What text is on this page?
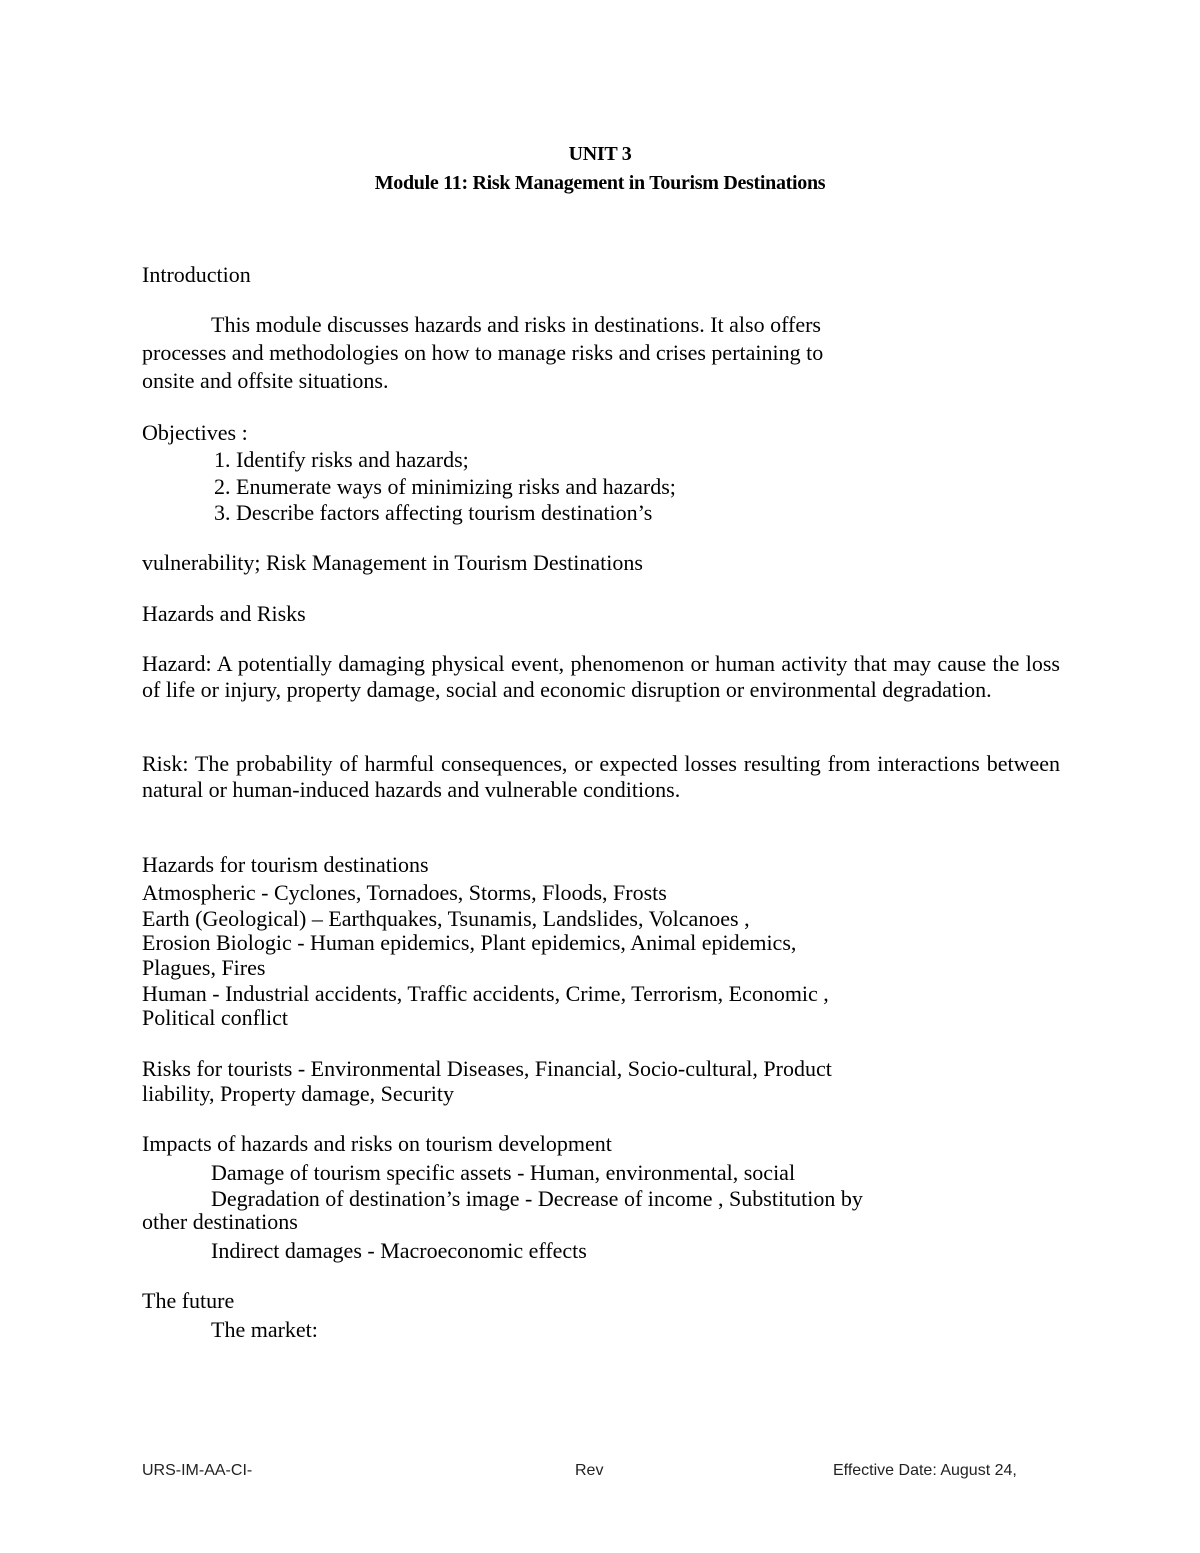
UNIT 3
Module 11: Risk Management in Tourism Destinations
Introduction
This module discusses hazards and risks in destinations. It also offers
processes and methodologies on how to manage risks and crises pertaining to
onsite and offsite situations.
Objectives :
1. Identify risks and hazards;
2. Enumerate ways of minimizing risks and hazards;
3. Describe factors affecting tourism destination’s
vulnerability; Risk Management in Tourism Destinations
Hazards and Risks
Hazard: A potentially damaging physical event, phenomenon or human activity that may cause the loss of life or injury, property damage, social and economic disruption or environmental degradation.
Risk: The probability of harmful consequences, or expected losses resulting from interactions between natural or human-induced hazards and vulnerable conditions.
Hazards for tourism destinations
Atmospheric - Cyclones, Tornadoes, Storms, Floods, Frosts
Earth (Geological) – Earthquakes, Tsunamis, Landslides, Volcanoes ,
Erosion Biologic - Human epidemics, Plant epidemics, Animal epidemics,
Plagues, Fires
Human - Industrial accidents, Traffic accidents, Crime, Terrorism, Economic ,
Political conflict
Risks for tourists - Environmental Diseases, Financial, Socio-cultural, Product
liability, Property damage, Security
Impacts of hazards and risks on tourism development
Damage of tourism specific assets - Human, environmental, social
Degradation of destination’s image - Decrease of income , Substitution by
other destinations
Indirect damages - Macroeconomic effects
The future
The market:
URS-IM-AA-CI-	Rev	Effective Date: August 24,
